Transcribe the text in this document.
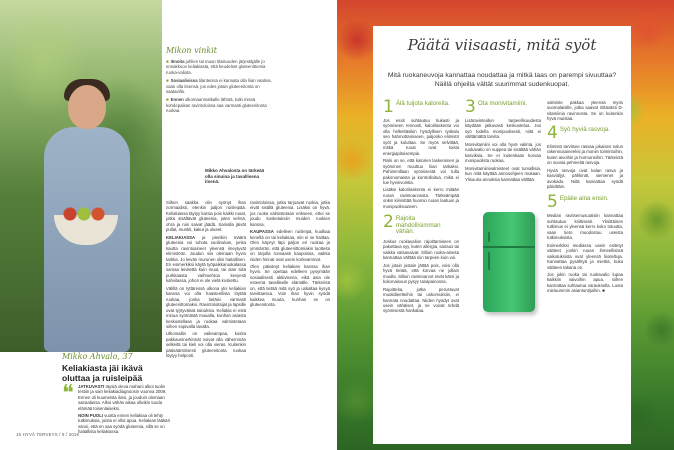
Mikon vinkit
■ Ilmoita juhlien tai muun tilaisuuden järjestäjälle jo ennakkoon keliakiasta, että keudelset gluteenittomia ruoka-valiota.
■ Sosiaalisissa tilanteissa ei kannata olla liian vaativa, vaan olla itsensä, jos edes jotain gluteenitonta on saatavilla.
■ Ennen ulkomaanmatkalle lähtöä, tutki missä kohdepaikan ravintoloissa saa varmasti gluteenitonta ruokaa.
Mikko Ahvalosta on tärkeää olla sinuina ja tavallisena itsenä.

Siihen saakka olin syönyt ihan normaalisti, etenkin paljon ruisleipää. Keliakiassa täytyy karsia pois kaikki ruoat, jotka sisältävät gluteenia, joten vehnä, ohra ja ruis saivat jäädä. Samalla jäivät pullat, munkit, kakut ja olueet.

KELIAKIASSA ja pienikin määrä gluteenia voi tuhota suolinukan, jonka kautta ravintoaineet yleensä imeytyvät elimistöön. Joudun siis olemaan hyvin tarkka. Jo leivän murunen olisi haitallinen. En esimerkiksi käytä työpaikkaruokalassa samaa leivitettä kuin muut, tai otan siitä purkkaasta vaihtoehtoa kevyesti kahvilassa, johon ei ole vielä koskettu.

Välillä on tyttäressä ulkona ylis keliakian kanssa voi olla haasteellista löytää ruokaa, jonka tietäisi varmasti gluteenittomaksi. Ravintoloitsijat ja lapsille ovat tyytyväisiä talouksia. Keliakia ei estä minua syömästä muualla, kunhan asiasta keskustellaan ja ruokaa valmistetaan siihen sopivalla tavalla.

Ulkomailla on vaikeampaa, koska pakkausmerkinnät voivat olla vähemmän selkeitä tai kieli voi olla vieras. Kuitenkin pääsääntöisesti gluteenitonta ruokaa löytyy helposti.

ravintoloissa, jotka tarjoavat ruokia, jotka eivät sisällä gluteenia. Lisäksi on hyvä, jos ruoka valmistetaan erikseen, ettei se joudu kosketuksiin muiden ruokien kanssa.

KAUPASSA edelleen ruisleipä, kuulkaa kenellä on tai keliakiaa, niin ei se haittaa. Olen käynyt läpi paljon eri ruokaa ja ymmärrän, että gluteenittomiakin tuotteita on tarjolla runsaasti kaupoissa, vaikka niiden hinnat ovat usein korkeammat.

Olen päivänyt keliakian kanssa ihan hyvin. Se opettaa edelleen pysymään sosiaalisesti aktiivisena, eikä asia ole esteenä tavalliselle elämälle. Tärkeintä on, että tietää mitä syö ja uskaltaa kysyä tarvittaessa. Voin ihan hyvin syödä kaikkea muuta, kunhan se on gluteenitonta.

Mikko Ahvalo, 37
Keliakiasta jäi ikävä oluttaa ja ruisleipää
❝ JATKUVASTI täysiä oleva mahani alkoi tuolin testiin ja sain keliakiadiagnoosin vuonna 2009. Ennen oli kuumeista iloisi, ja jouduin olemaan sairaalassa. Alkoi vähän aikaa ollutkin tuoda elämää toisenlaiseksi.

NOIN PUOLI vuotta ennen keliakiaa oli tehty tutkimuksia, joista ei ollut apua. Keliakian lääkäri sanoi, että en saa syödä gluteenia, sillä se on haitallista keliakiassa.

16 HYVÄ TERVEYS / 9 / 2016
Päätä viisaasti, mitä syöt
Mitä ruokaneuvoja kannattaa noudattaa ja mitkä taas on parempi sivuuttaa? Näillä ohjeilla vältät suurimmat sudenkuopat.
1 Älä tuijota kaloreita.

Jos essit suhtautuu tiukasti ja syömiseen rennosti, kalorilaskenta voi olla helkeltäsikin hyödyllinen työkalu sen hahmottamiseen, paljonko elimistö syöt ja kuluttaa. Se myös selvittää, mitkä ruoat ovat toisia energiapitoisempia.

Riski on se, että kalorien laskeminen ja syöminen muuttuu liian tarkaksi. Pahimmillaan syömisestä voi tulla pakonomaista ja kontrolloitua, mikä ei tue hyvinvointia.

Lisäksi kalorilaskenta ei kerro mitään ruoan ravintoarvoista. Tärkeämpää onkin kiinnittää huomio ruoan laatuun ja monipuolisuuteen.

2 Rajoita mahdollisimman vähän.

Joskus ruokavalion rajoittamiseen on pakottava syy, kuten allergia, sairaus tai vaikka vatsavaivat. Silloin ruoka-aineita kannattaa välttää niin tarpeen kuin voi.

Jos jotain jostain jättää pois, voisi olla hyvä tietää, että korvaa ne jollain muulla. Silloin ravintoarvot eivät kärsi ja kokonaisuus pysyy tasapainossa.

Rajoitteita, jotka perustuvat muotidieetteihin tai uskomuksiin, ei kannata noudattaa. Niiden hyödyt ovat usein vähäiset, ja ne voivat tehdä syömisestä hankalaa.

3 Ota monivitamiini.

Lisäravinteiden tarpeellisuudesta käydään jatkuvasti keskustelua. Jos syö todella monipuolisesti, niitä ei välttämättä tarvita.

Monivitamiini voi olla hyvä valinta, jos ruokavalio on suppea tai sisältää vähän kasviksia. Se ei kuitenkaan korvaa monipuolista ruokaa.

Monivitamiinivalmisteet ovat turvallisia, kun niitä käyttää annosohjeen mukaan. Ylisuuria annoksia kannattaa välttää.

valmiste pakkaa yleensä myös suomalaisille, jotka saavat riittävästi D-vitamiinia ravinnosta. Se on kuitenkin hyvä muistaa.

4 Syö hyviä rasvoja.

Elimistö tarvitsee rasvaa jokaisen solun rakennusaineeksi ja moniin toimintoihin, kuten aivoihin ja hormoneihin. Tärkeintä on suosia pehmeitä rasvoja.

Hyviä rasvoja ovat kalan rasva ja kasviöljyt, pähkinät, siemenet ja avokado. Niitä kannattaa syödä päivittäin.

5 Epäile aina ensin.

Median ravitsemusuutisiin kannattaa suhtautua kriittisesti. Yksittäinen tutkimus ei yleensä kerro koko totuutta, vaan tieto muodostuu useista tutkimuksista.

Esimerkiksi mediassa usein esitetyt väitteet jonkin ruoan ihmeellisistä vaikutuksista ovat yleensä liioiteltuja. Kannattaa pysähtyä ja miettiä, kuka väitteen takana on.

Jos jokin ruoka tai ruokavalio lupaa kaikkiin vaivoihin apua, siihen kannattaa suhtautua varauksella. Luota mieluummin asiantuntijoihin. ■
